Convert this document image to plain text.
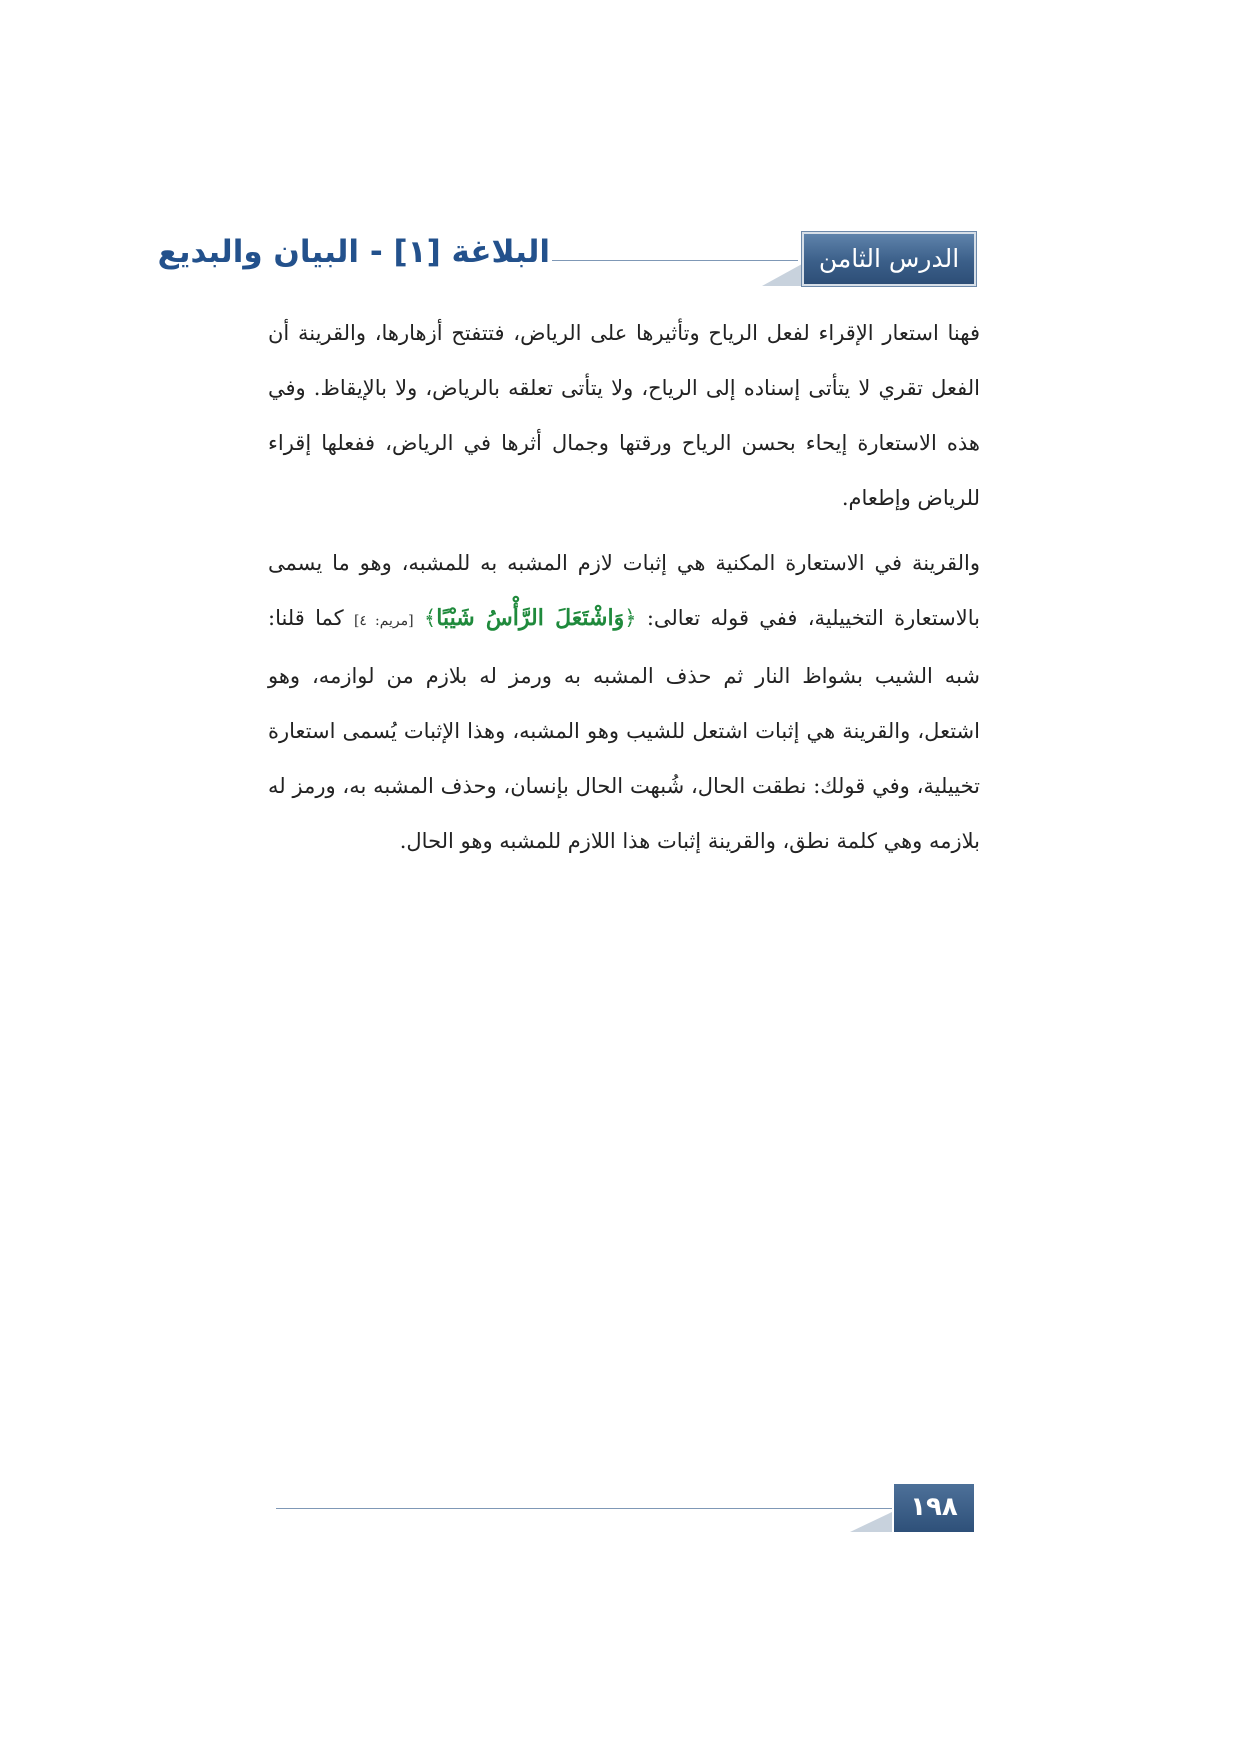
البلاغة [١] - البيان والبديع	الدرس الثامن

فهنا استعار الإقراء لفعل الرياح وتأثيرها على الرياض، فتتفتح أزهارها، والقرينة أن الفعل تقري لا يتأتى إسناده إلى الرياح، ولا يتأتى تعلقه بالرياض، ولا بالإيقاظ. وفي هذه الاستعارة إيحاء بحسن الرياح ورقتها وجمال أثرها في الرياض، ففعلها إقراء للرياض وإطعام.

والقرينة في الاستعارة المكنية هي إثبات لازم المشبه به للمشبه، وهو ما يسمى بالاستعارة التخييلية، ففي قوله تعالى: ﴿وَاشْتَعَلَ الرَّأْسُ شَيْبًا﴾ [مريم: ٤] كما قلنا: شبه الشيب بشواظ النار ثم حذف المشبه به ورمز له بلازم من لوازمه، وهو اشتعل، والقرينة هي إثبات اشتعل للشيب وهو المشبه، وهذا الإثبات يُسمى استعارة تخييلية، وفي قولك: نطقت الحال، شُبهت الحال بإنسان، وحذف المشبه به، ورمز له بلازمه وهي كلمة نطق، والقرينة إثبات هذا اللازم للمشبه وهو الحال.

١٩٨
